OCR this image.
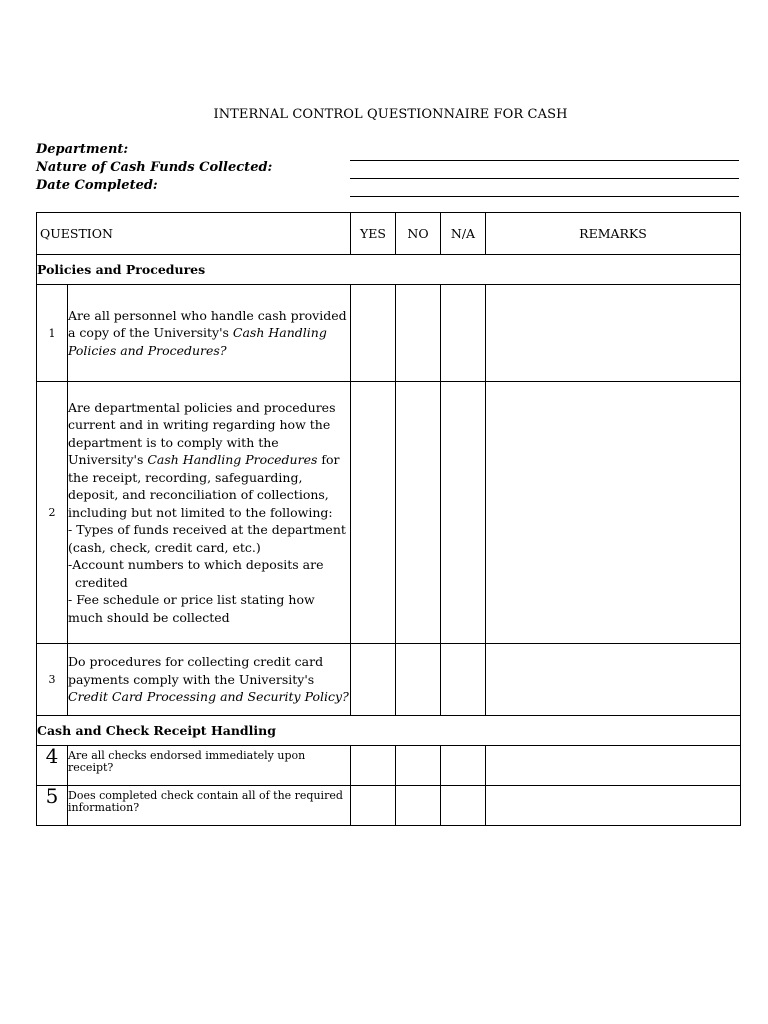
INTERNAL CONTROL QUESTIONNAIRE FOR CASH
Department:
Nature of Cash Funds Collected:
Date Completed:
QUESTION		YES	NO	N/A	REMARKS
Policies and Procedures					
1	Are all personnel who handle cash provided a copy of the University's Cash Handling Policies and Procedures?				
2	Are departmental policies and procedures current and in writing regarding how the department is to comply with the University's Cash Handling Procedures for the receipt, recording, safeguarding, deposit, and reconciliation of collections, including but not limited to the following:
- Types of funds received at the department (cash, check, credit card, etc.)
-Account numbers to which deposits are
credited
- Fee schedule or price list stating how much should be collected				

3	Do procedures for collecting credit card payments comply with the University's Credit Card Processing and Security Policy?				
Cash and Check Receipt Handling					
4	Are all checks endorsed immediately upon receipt?				
5	Does completed check contain all of the required information?				
